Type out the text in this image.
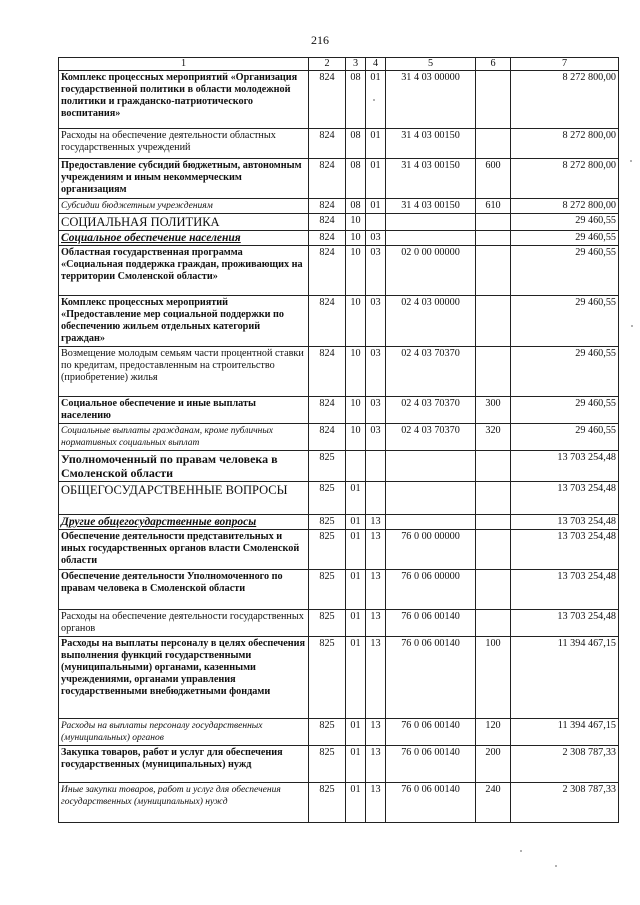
216
1	2	3	4	5	6	7
Комплекс процессных мероприятий «Организация государственной политики в области молодежной политики и гражданско-патриотического воспитания»	824	08	01	31 4 03 00000		8 272 800,00
Расходы на обеспечение деятельности областных государственных учреждений	824	08	01	31 4 03 00150		8 272 800,00
Предоставление субсидий бюджетным, автономным учреждениям и иным некоммерческим организациям	824	08	01	31 4 03 00150	600	8 272 800,00
Субсидии бюджетным учреждениям	824	08	01	31 4 03 00150	610	8 272 800,00
СОЦИАЛЬНАЯ ПОЛИТИКА	824	10				29 460,55
Социальное обеспечение населения	824	10	03			29 460,55
Областная государственная программа «Социальная поддержка граждан, проживающих на территории Смоленской области»	824	10	03	02 0 00 00000		29 460,55
Комплекс процессных мероприятий «Предоставление мер социальной поддержки по обеспечению жильем отдельных категорий граждан»	824	10	03	02 4 03 00000		29 460,55
Возмещение молодым семьям части процентной ставки по кредитам, предоставленным на строительство (приобретение) жилья	824	10	03	02 4 03 70370		29 460,55
Социальное обеспечение и иные выплаты населению	824	10	03	02 4 03 70370	300	29 460,55
Социальные выплаты гражданам, кроме публичных нормативных социальных выплат	824	10	03	02 4 03 70370	320	29 460,55
Уполномоченный по правам человека в Смоленской области	825					13 703 254,48
ОБЩЕГОСУДАРСТВЕННЫЕ ВОПРОСЫ	825	01				13 703 254,48
Другие общегосударственные вопросы	825	01	13			13 703 254,48
Обеспечение деятельности представительных и иных государственных органов власти Смоленской области	825	01	13	76 0 00 00000		13 703 254,48
Обеспечение деятельности Уполномоченного по правам человека в Смоленской области	825	01	13	76 0 06 00000		13 703 254,48
Расходы на обеспечение деятельности государственных органов	825	01	13	76 0 06 00140		13 703 254,48
Расходы на выплаты персоналу в целях обеспечения выполнения функций государственными (муниципальными) органами, казенными учреждениями, органами управления государственными внебюджетными фондами	825	01	13	76 0 06 00140	100	11 394 467,15
Расходы на выплаты персоналу государственных (муниципальных) органов	825	01	13	76 0 06 00140	120	11 394 467,15
Закупка товаров, работ и услуг для обеспечения государственных (муниципальных) нужд	825	01	13	76 0 06 00140	200	2 308 787,33
Иные закупки товаров, работ и услуг для обеспечения государственных (муниципальных) нужд	825	01	13	76 0 06 00140	240	2 308 787,33
